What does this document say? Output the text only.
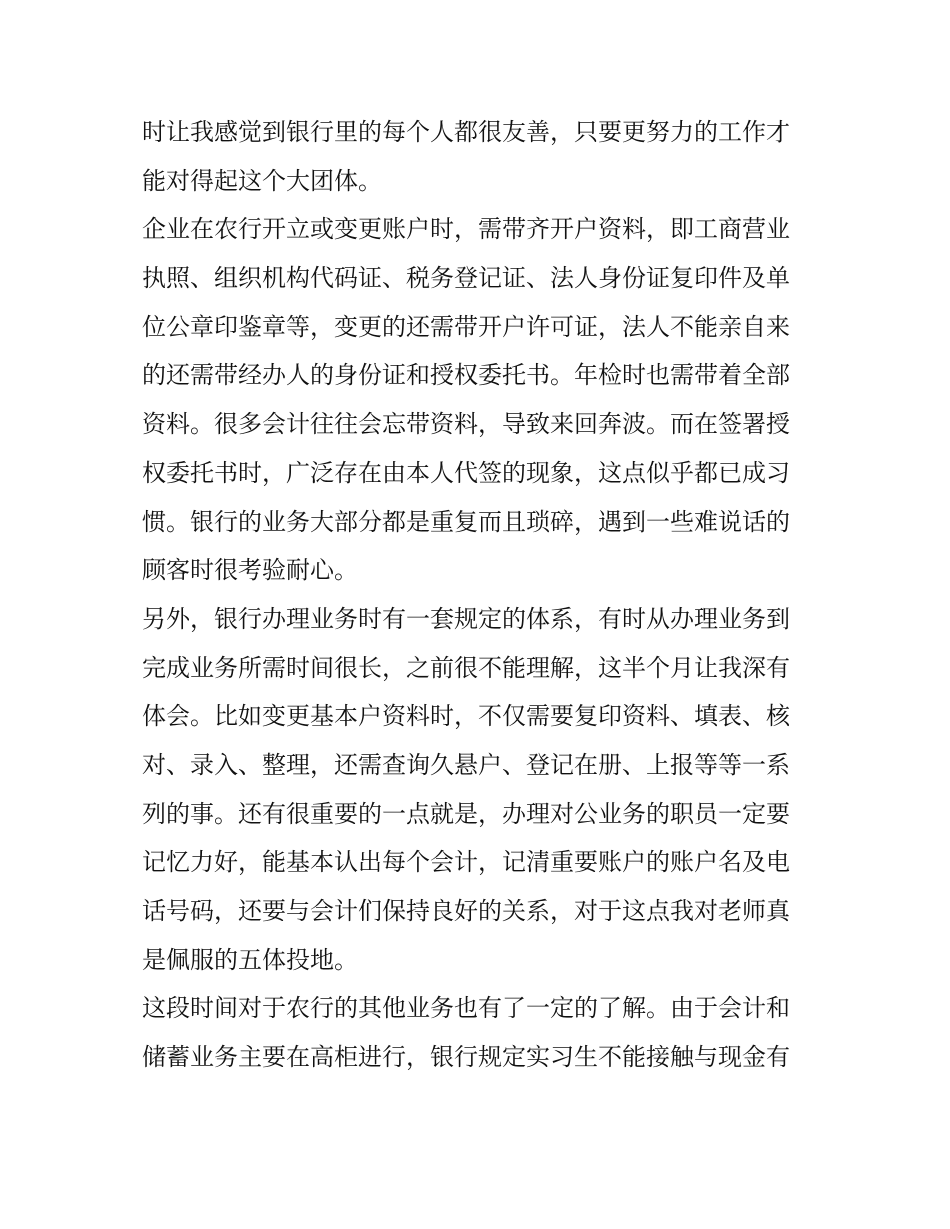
时让我感觉到银行里的每个人都很友善，只要更努力的工作才
能对得起这个大团体。
企业在农行开立或变更账户时，需带齐开户资料，即工商营业
执照、组织机构代码证、税务登记证、法人身份证复印件及单
位公章印鉴章等，变更的还需带开户许可证，法人不能亲自来
的还需带经办人的身份证和授权委托书。年检时也需带着全部
资料。很多会计往往会忘带资料，导致来回奔波。而在签署授
权委托书时，广泛存在由本人代签的现象，这点似乎都已成习
惯。银行的业务大部分都是重复而且琐碎，遇到一些难说话的
顾客时很考验耐心。
另外，银行办理业务时有一套规定的体系，有时从办理业务到
完成业务所需时间很长，之前很不能理解，这半个月让我深有
体会。比如变更基本户资料时，不仅需要复印资料、填表、核
对、录入、整理，还需查询久悬户、登记在册、上报等等一系
列的事。还有很重要的一点就是，办理对公业务的职员一定要
记忆力好，能基本认出每个会计，记清重要账户的账户名及电
话号码，还要与会计们保持良好的关系，对于这点我对老师真
是佩服的五体投地。
这段时间对于农行的其他业务也有了一定的了解。由于会计和
储蓄业务主要在高柜进行，银行规定实习生不能接触与现金有
